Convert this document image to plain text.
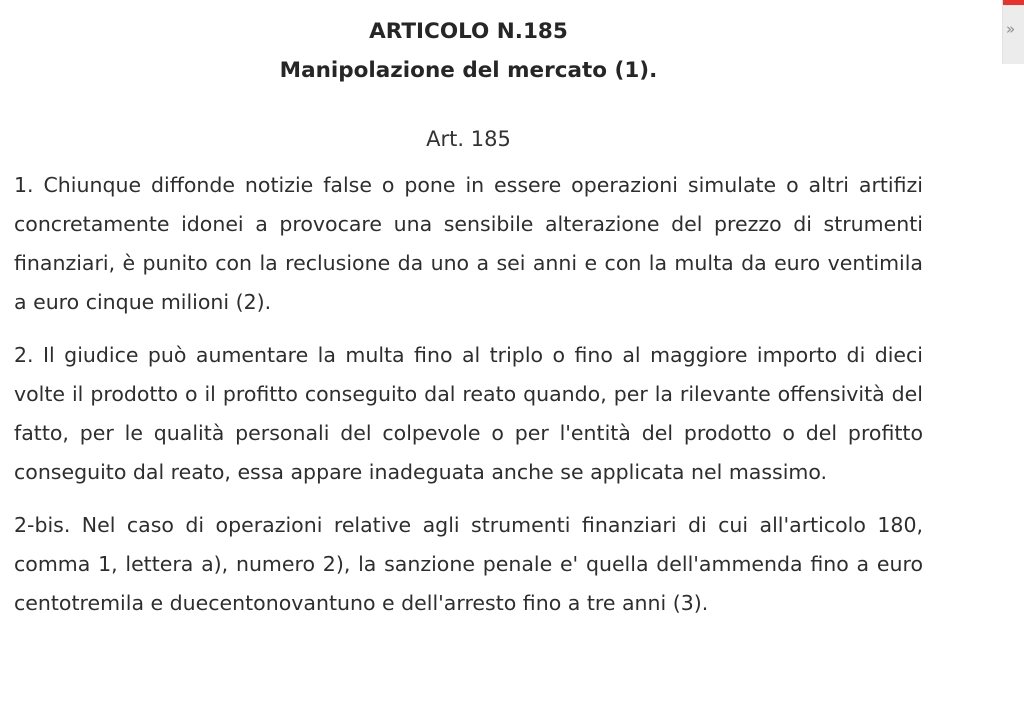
»
ARTICOLO N.185
Manipolazione del mercato (1).

Art. 185

1. Chiunque diffonde notizie false o pone in essere operazioni simulate o altri artifizi concretamente idonei a provocare una sensibile alterazione del prezzo di strumenti finanziari, è punito con la reclusione da uno a sei anni e con la multa da euro ventimila a euro cinque milioni (2).

2. Il giudice può aumentare la multa fino al triplo o fino al maggiore importo di dieci volte il prodotto o il profitto conseguito dal reato quando, per la rilevante offensività del fatto, per le qualità personali del colpevole o per l'entità del prodotto o del profitto conseguito dal reato, essa appare inadeguata anche se applicata nel massimo.

2-bis. Nel caso di operazioni relative agli strumenti finanziari di cui all'articolo 180, comma 1, lettera a), numero 2), la sanzione penale e' quella dell'ammenda fino a euro centotremila e duecentonovantuno e dell'arresto fino a tre anni (3).
